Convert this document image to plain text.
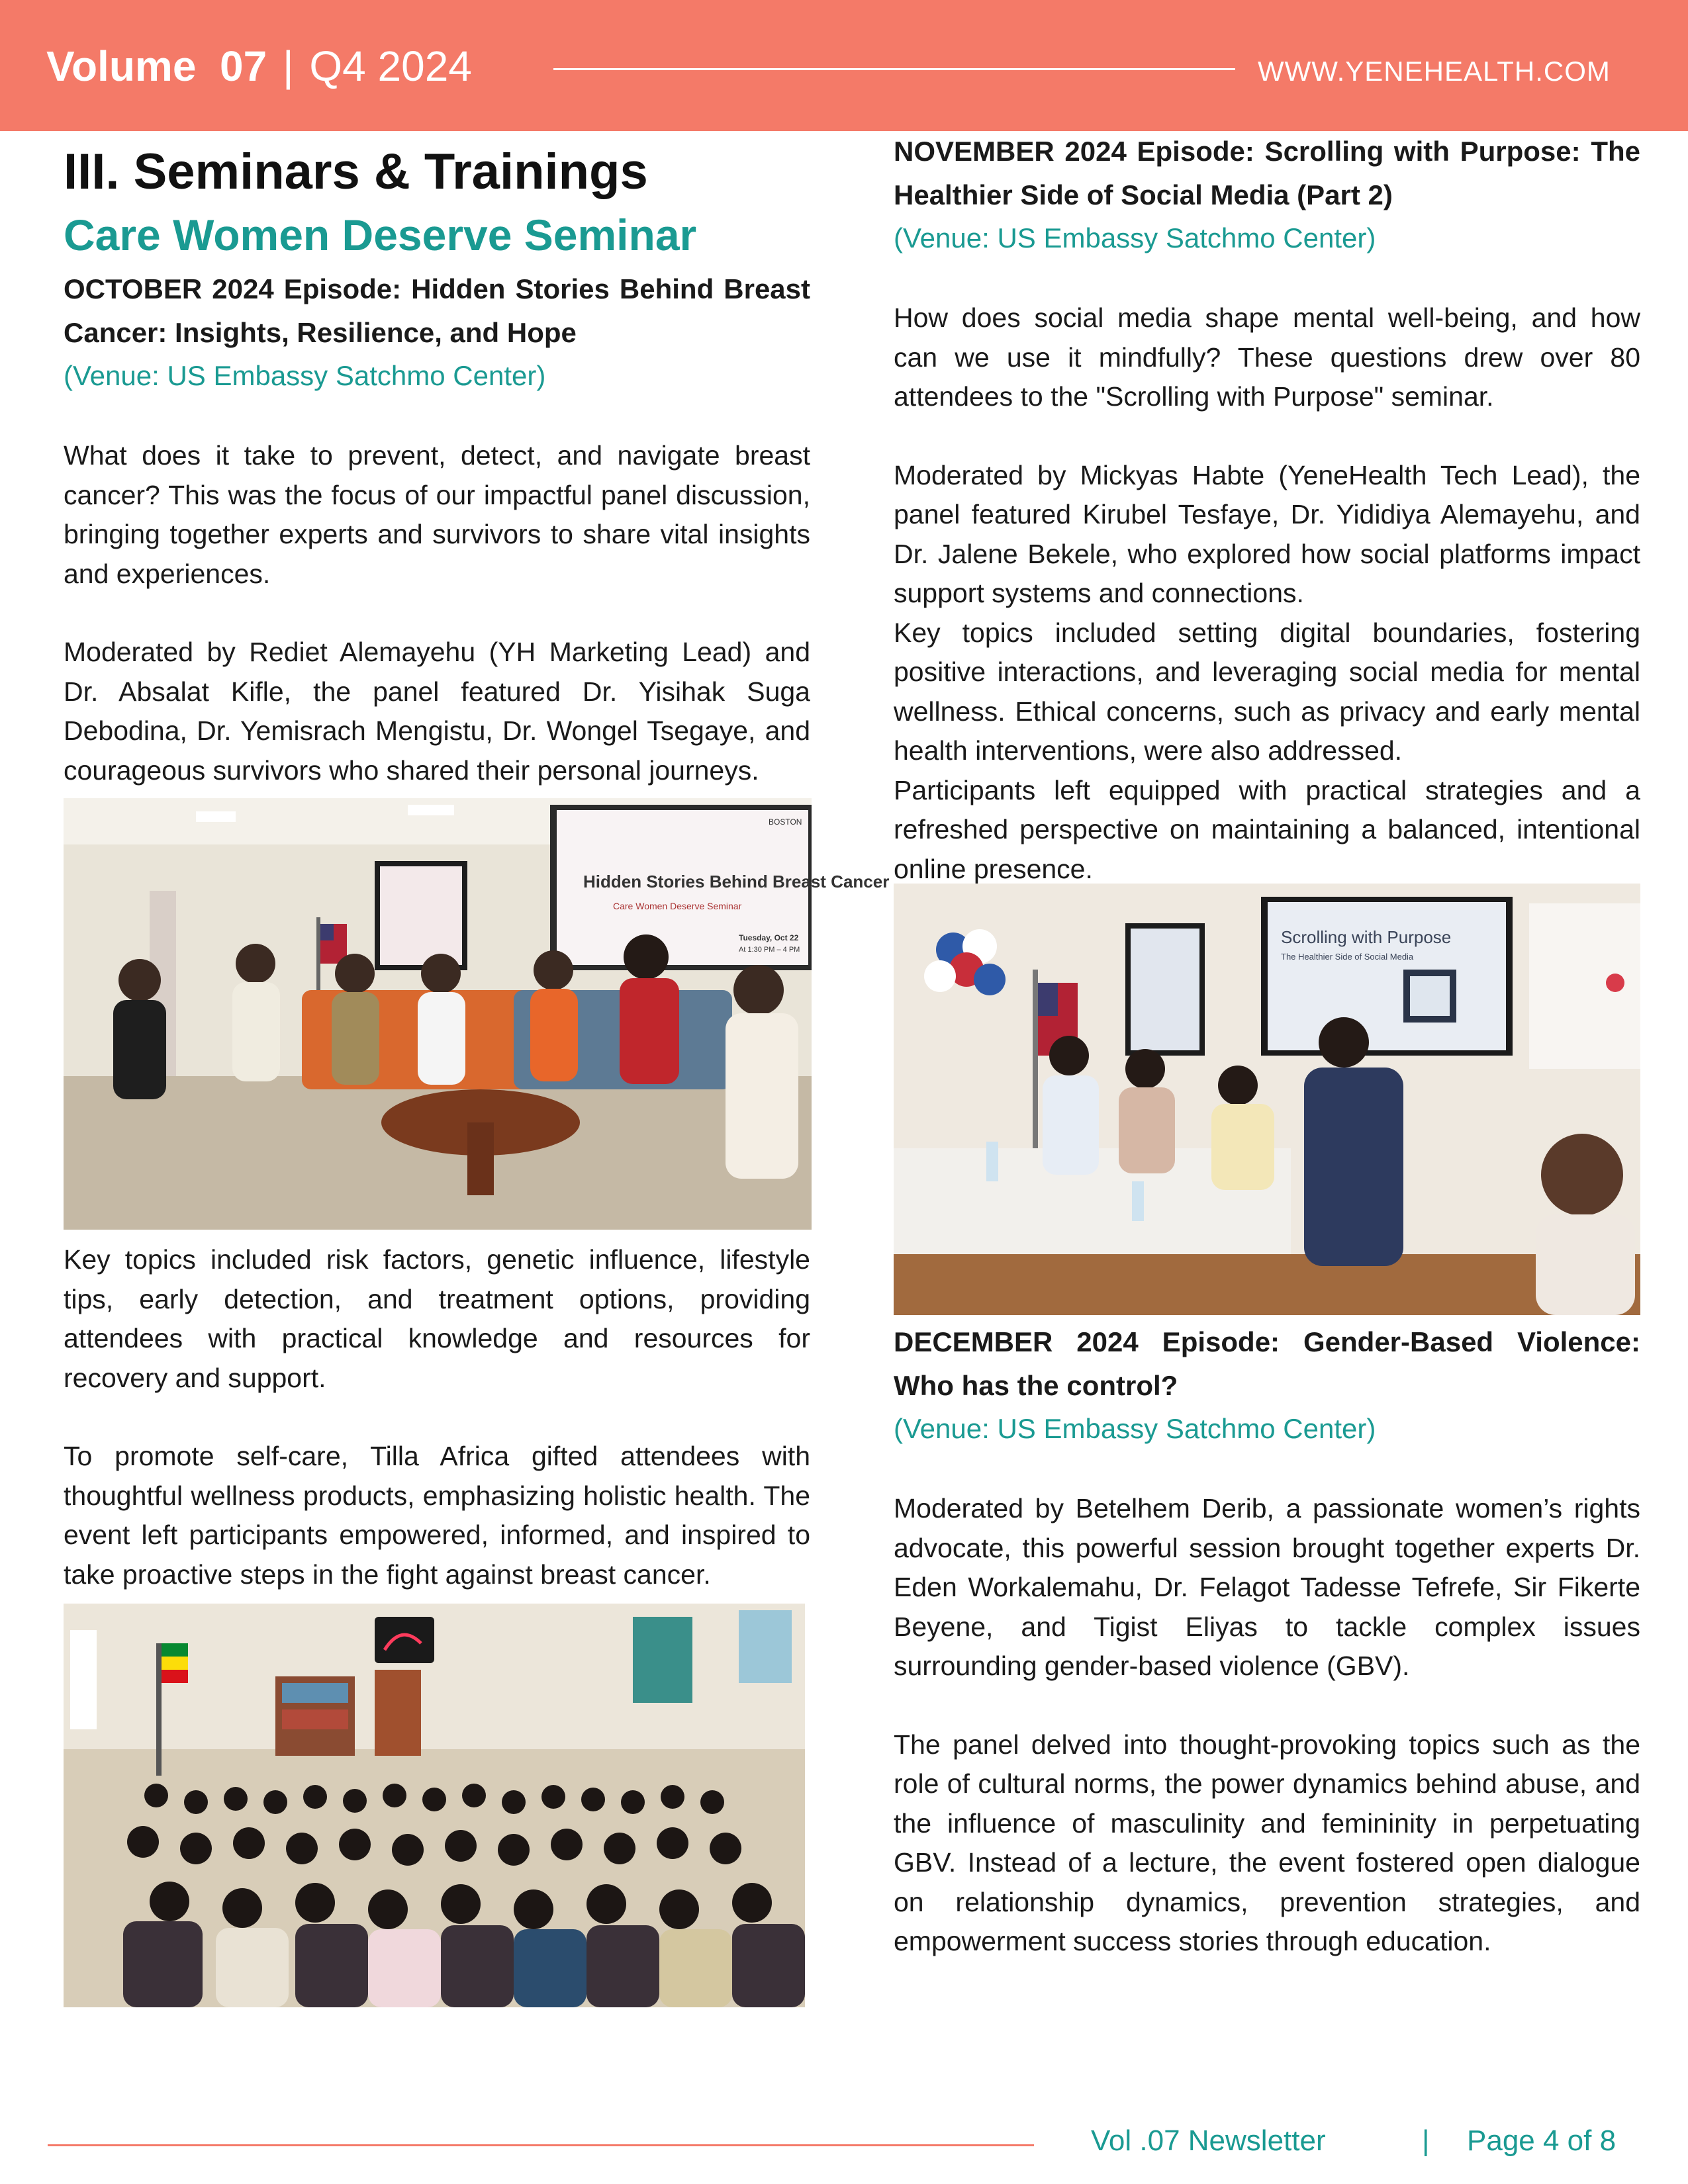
Volume 07 | Q4 2024	WWW.YENEHEALTH.COM
III. Seminars & Trainings
Care Women Deserve Seminar

OCTOBER 2024 Episode: Hidden Stories Behind Breast Cancer: Insights, Resilience, and Hope

(Venue: US Embassy Satchmo Center)

What does it take to prevent, detect, and navigate breast cancer? This was the focus of our impactful panel discussion, bringing together experts and survivors to share vital insights and experiences.

Moderated by Rediet Alemayehu (YH Marketing Lead) and Dr. Absalat Kifle, the panel featured Dr. Yisihak Suga Debodina, Dr. Yemisrach Mengistu, Dr. Wongel Tsegaye, and courageous survivors who shared their personal journeys.

Hidden Stories Behind Breast Cancer
Care Women Deserve Seminar
Tuesday, Oct 22
At 1:30 PM – 4 PM
BOSTON

Key topics included risk factors, genetic influence, lifestyle tips, early detection, and treatment options, providing attendees with practical knowledge and resources for recovery and support.

To promote self-care, Tilla Africa gifted attendees with thoughtful wellness products, emphasizing holistic health. The event left participants empowered, informed, and inspired to take proactive steps in the fight against breast cancer.

NOVEMBER 2024 Episode: Scrolling with Purpose: The Healthier Side of Social Media (Part 2)

(Venue: US Embassy Satchmo Center)

How does social media shape mental well-being, and how can we use it mindfully? These questions drew over 80 attendees to the "Scrolling with Purpose" seminar.

Moderated by Mickyas Habte (YeneHealth Tech Lead), the panel featured Kirubel Tesfaye, Dr. Yididiya Alemayehu, and Dr. Jalene Bekele, who explored how social platforms impact support systems and connections.

Key topics included setting digital boundaries, fostering positive interactions, and leveraging social media for mental wellness. Ethical concerns, such as privacy and early mental health interventions, were also addressed.

Participants left equipped with practical strategies and a refreshed perspective on maintaining a balanced, intentional online presence.

Scrolling with Purpose
The Healthier Side of Social Media

DECEMBER 2024 Episode: Gender-Based Violence: Who has the control?

(Venue: US Embassy Satchmo Center)

Moderated by Betelhem Derib, a passionate women’s rights advocate, this powerful session brought together experts Dr. Eden Workalemahu, Dr. Felagot Tadesse Tefrefe, Sir Fikerte Beyene, and Tigist Eliyas to tackle complex issues surrounding gender-based violence (GBV).

The panel delved into thought-provoking topics such as the role of cultural norms, the power dynamics behind abuse, and the influence of masculinity and femininity in perpetuating GBV. Instead of a lecture, the event fostered open dialogue on relationship dynamics, prevention strategies, and empowerment success stories through education.

Vol .07 Newsletter	| Page 4 of 8
